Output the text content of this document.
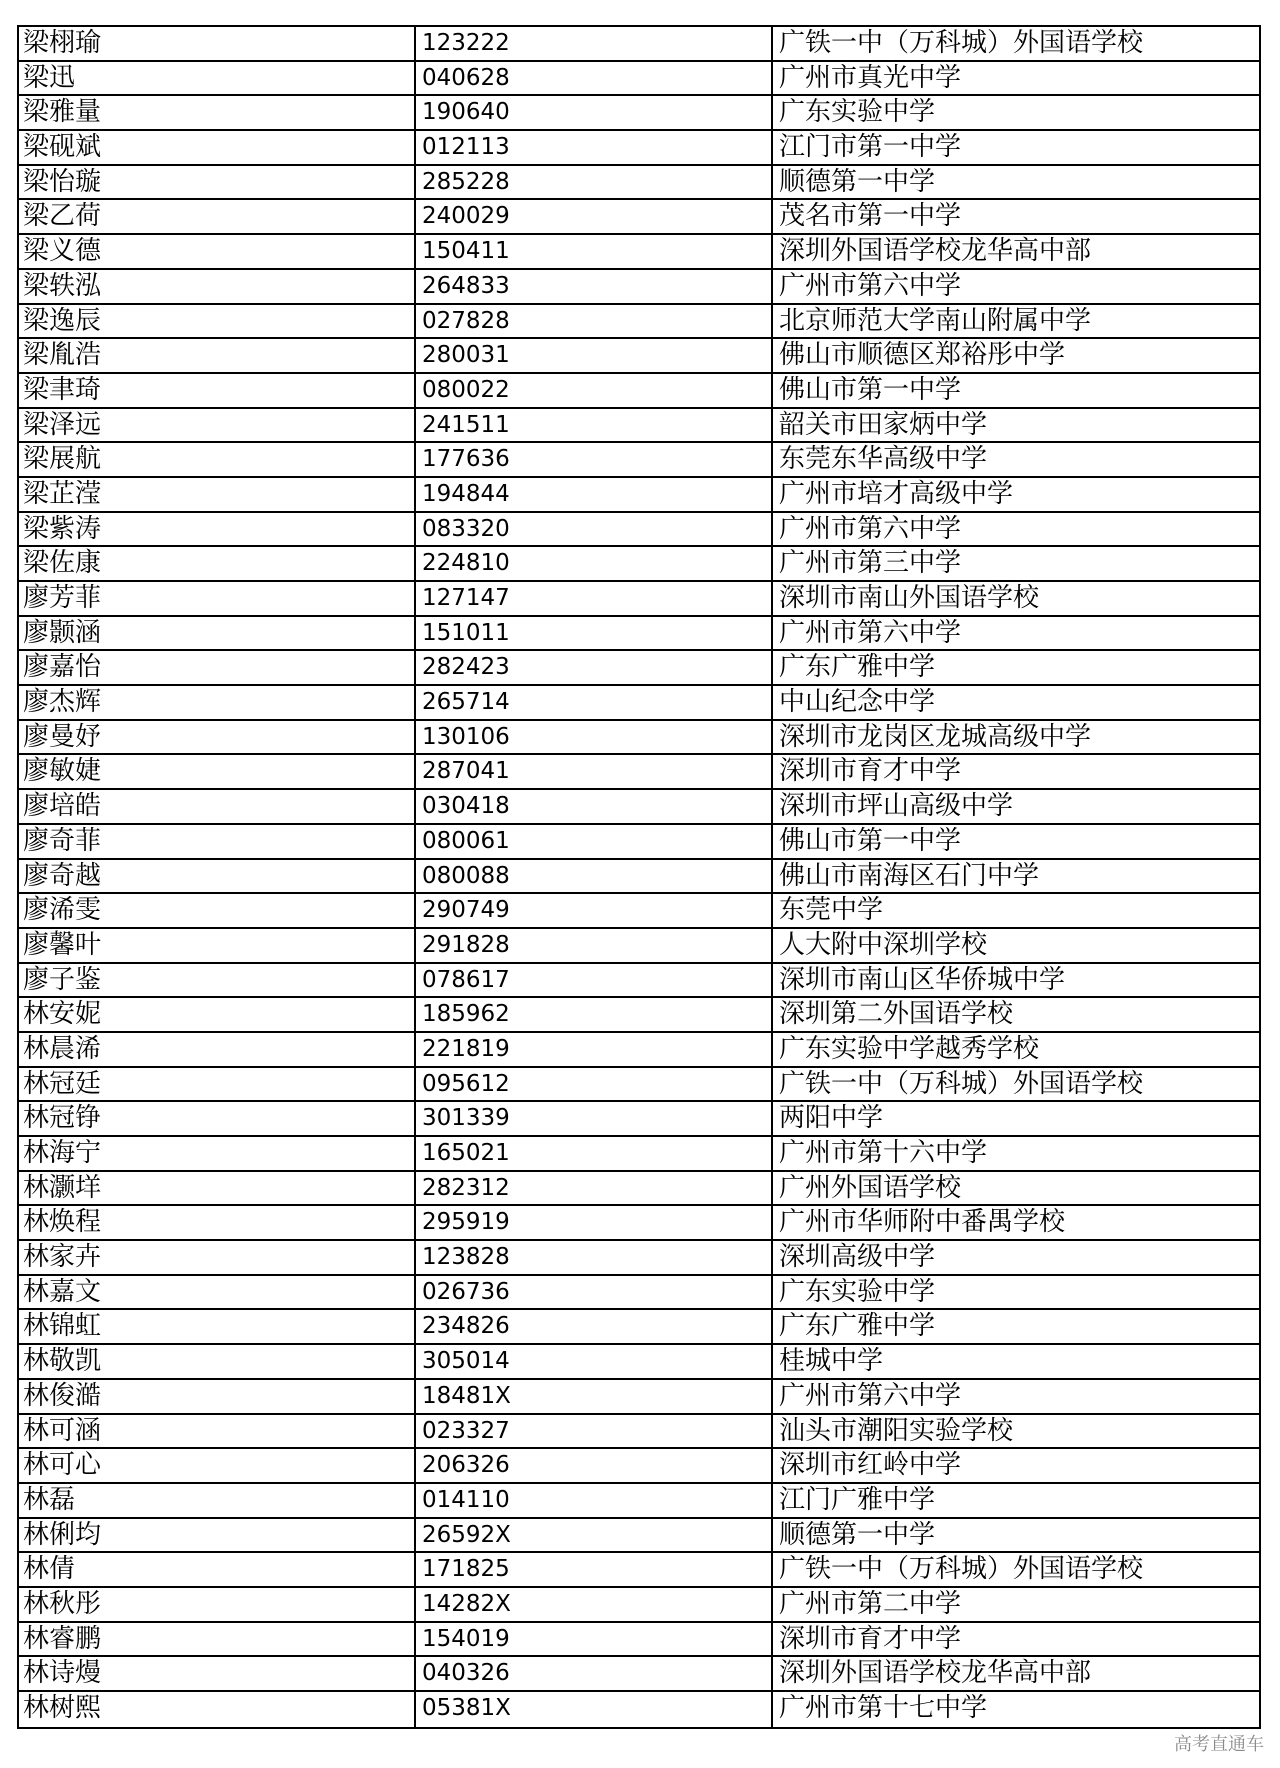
梁栩瑜	123222	广铁一中（万科城）外国语学校
梁迅	040628	广州市真光中学
梁雅量	190640	广东实验中学
梁砚斌	012113	江门市第一中学
梁怡璇	285228	顺德第一中学
梁乙荷	240029	茂名市第一中学
梁义德	150411	深圳外国语学校龙华高中部
梁轶泓	264833	广州市第六中学
梁逸辰	027828	北京师范大学南山附属中学
梁胤浩	280031	佛山市顺德区郑裕彤中学
梁聿琦	080022	佛山市第一中学
梁泽远	241511	韶关市田家炳中学
梁展航	177636	东莞东华高级中学
梁芷滢	194844	广州市培才高级中学
梁紫涛	083320	广州市第六中学
梁佐康	224810	广州市第三中学
廖芳菲	127147	深圳市南山外国语学校
廖颢涵	151011	广州市第六中学
廖嘉怡	282423	广东广雅中学
廖杰辉	265714	中山纪念中学
廖曼妤	130106	深圳市龙岗区龙城高级中学
廖敏婕	287041	深圳市育才中学
廖培皓	030418	深圳市坪山高级中学
廖奇菲	080061	佛山市第一中学
廖奇越	080088	佛山市南海区石门中学
廖浠雯	290749	东莞中学
廖馨叶	291828	人大附中深圳学校
廖子鉴	078617	深圳市南山区华侨城中学
林安妮	185962	深圳第二外国语学校
林晨浠	221819	广东实验中学越秀学校
林冠廷	095612	广铁一中（万科城）外国语学校
林冠铮	301339	两阳中学
林海宁	165021	广州市第十六中学
林灏垟	282312	广州外国语学校
林焕程	295919	广州市华师附中番禺学校
林家卉	123828	深圳高级中学
林嘉文	026736	广东实验中学
林锦虹	234826	广东广雅中学
林敬凯	305014	桂城中学
林俊澔	18481X	广州市第六中学
林可涵	023327	汕头市潮阳实验学校
林可心	206326	深圳市红岭中学
林磊	014110	江门广雅中学
林俐均	26592X	顺德第一中学
林倩	171825	广铁一中（万科城）外国语学校
林秋彤	14282X	广州市第二中学
林睿鹏	154019	深圳市育才中学
林诗熳	040326	深圳外国语学校龙华高中部
林树熙	05381X	广州市第十七中学
高考直通车
